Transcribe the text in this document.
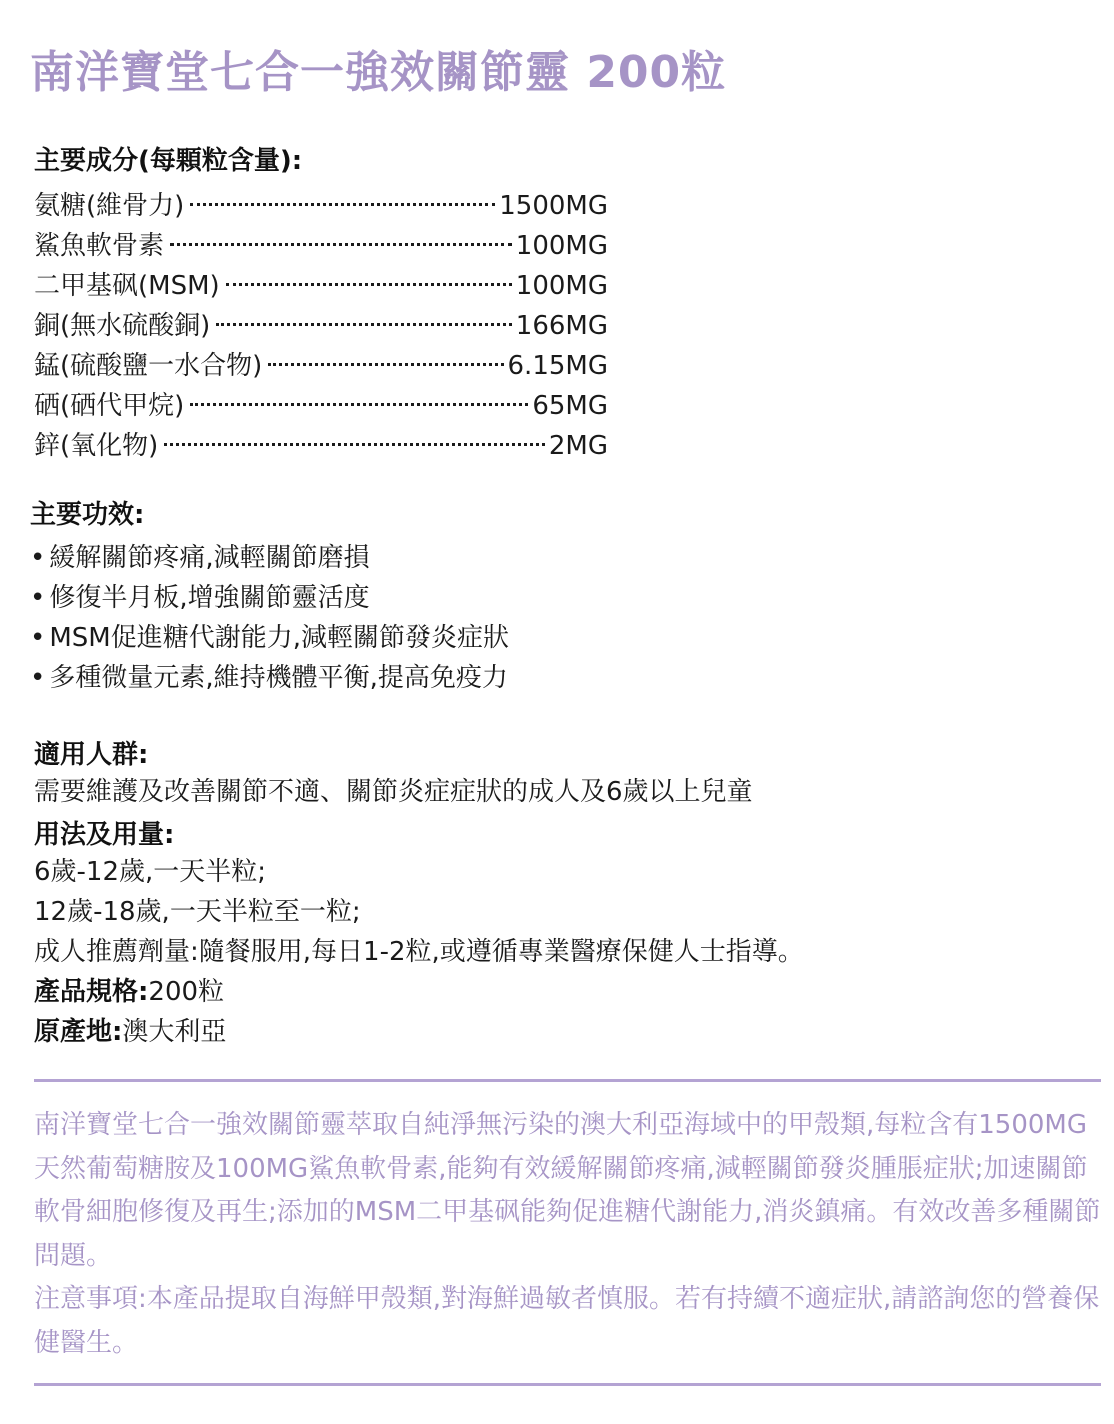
南洋寶堂七合一強效關節靈 200粒
主要成分(每顆粒含量):
氨糖(維骨力)	1500MG
鯊魚軟骨素	100MG
二甲基砜(MSM)	100MG
銅(無水硫酸銅)	166MG
錳(硫酸鹽一水合物)	6.15MG
硒(硒代甲烷)	65MG
鋅(氧化物)	2MG
主要功效:
• 緩解關節疼痛,減輕關節磨損
• 修復半月板,增強關節靈活度
• MSM促進糖代謝能力,減輕關節發炎症狀
• 多種微量元素,維持機體平衡,提高免疫力
適用人群:
需要維護及改善關節不適、關節炎症症狀的成人及6歲以上兒童
用法及用量:
6歲-12歲,一天半粒;
12歲-18歲,一天半粒至一粒;
成人推薦劑量:隨餐服用,每日1-2粒,或遵循專業醫療保健人士指導。
產品規格:200粒
原產地:澳大利亞

南洋寶堂七合一強效關節靈萃取自純淨無污染的澳大利亞海域中的甲殼類,每粒含有1500MG天然葡萄糖胺及100MG鯊魚軟骨素,能夠有效緩解關節疼痛,減輕關節發炎腫脹症狀;加速關節軟骨細胞修復及再生;添加的MSM二甲基砜能夠促進糖代謝能力,消炎鎮痛。有效改善多種關節問題。

注意事項:本產品提取自海鮮甲殼類,對海鮮過敏者慎服。若有持續不適症狀,請諮詢您的營養保健醫生。
